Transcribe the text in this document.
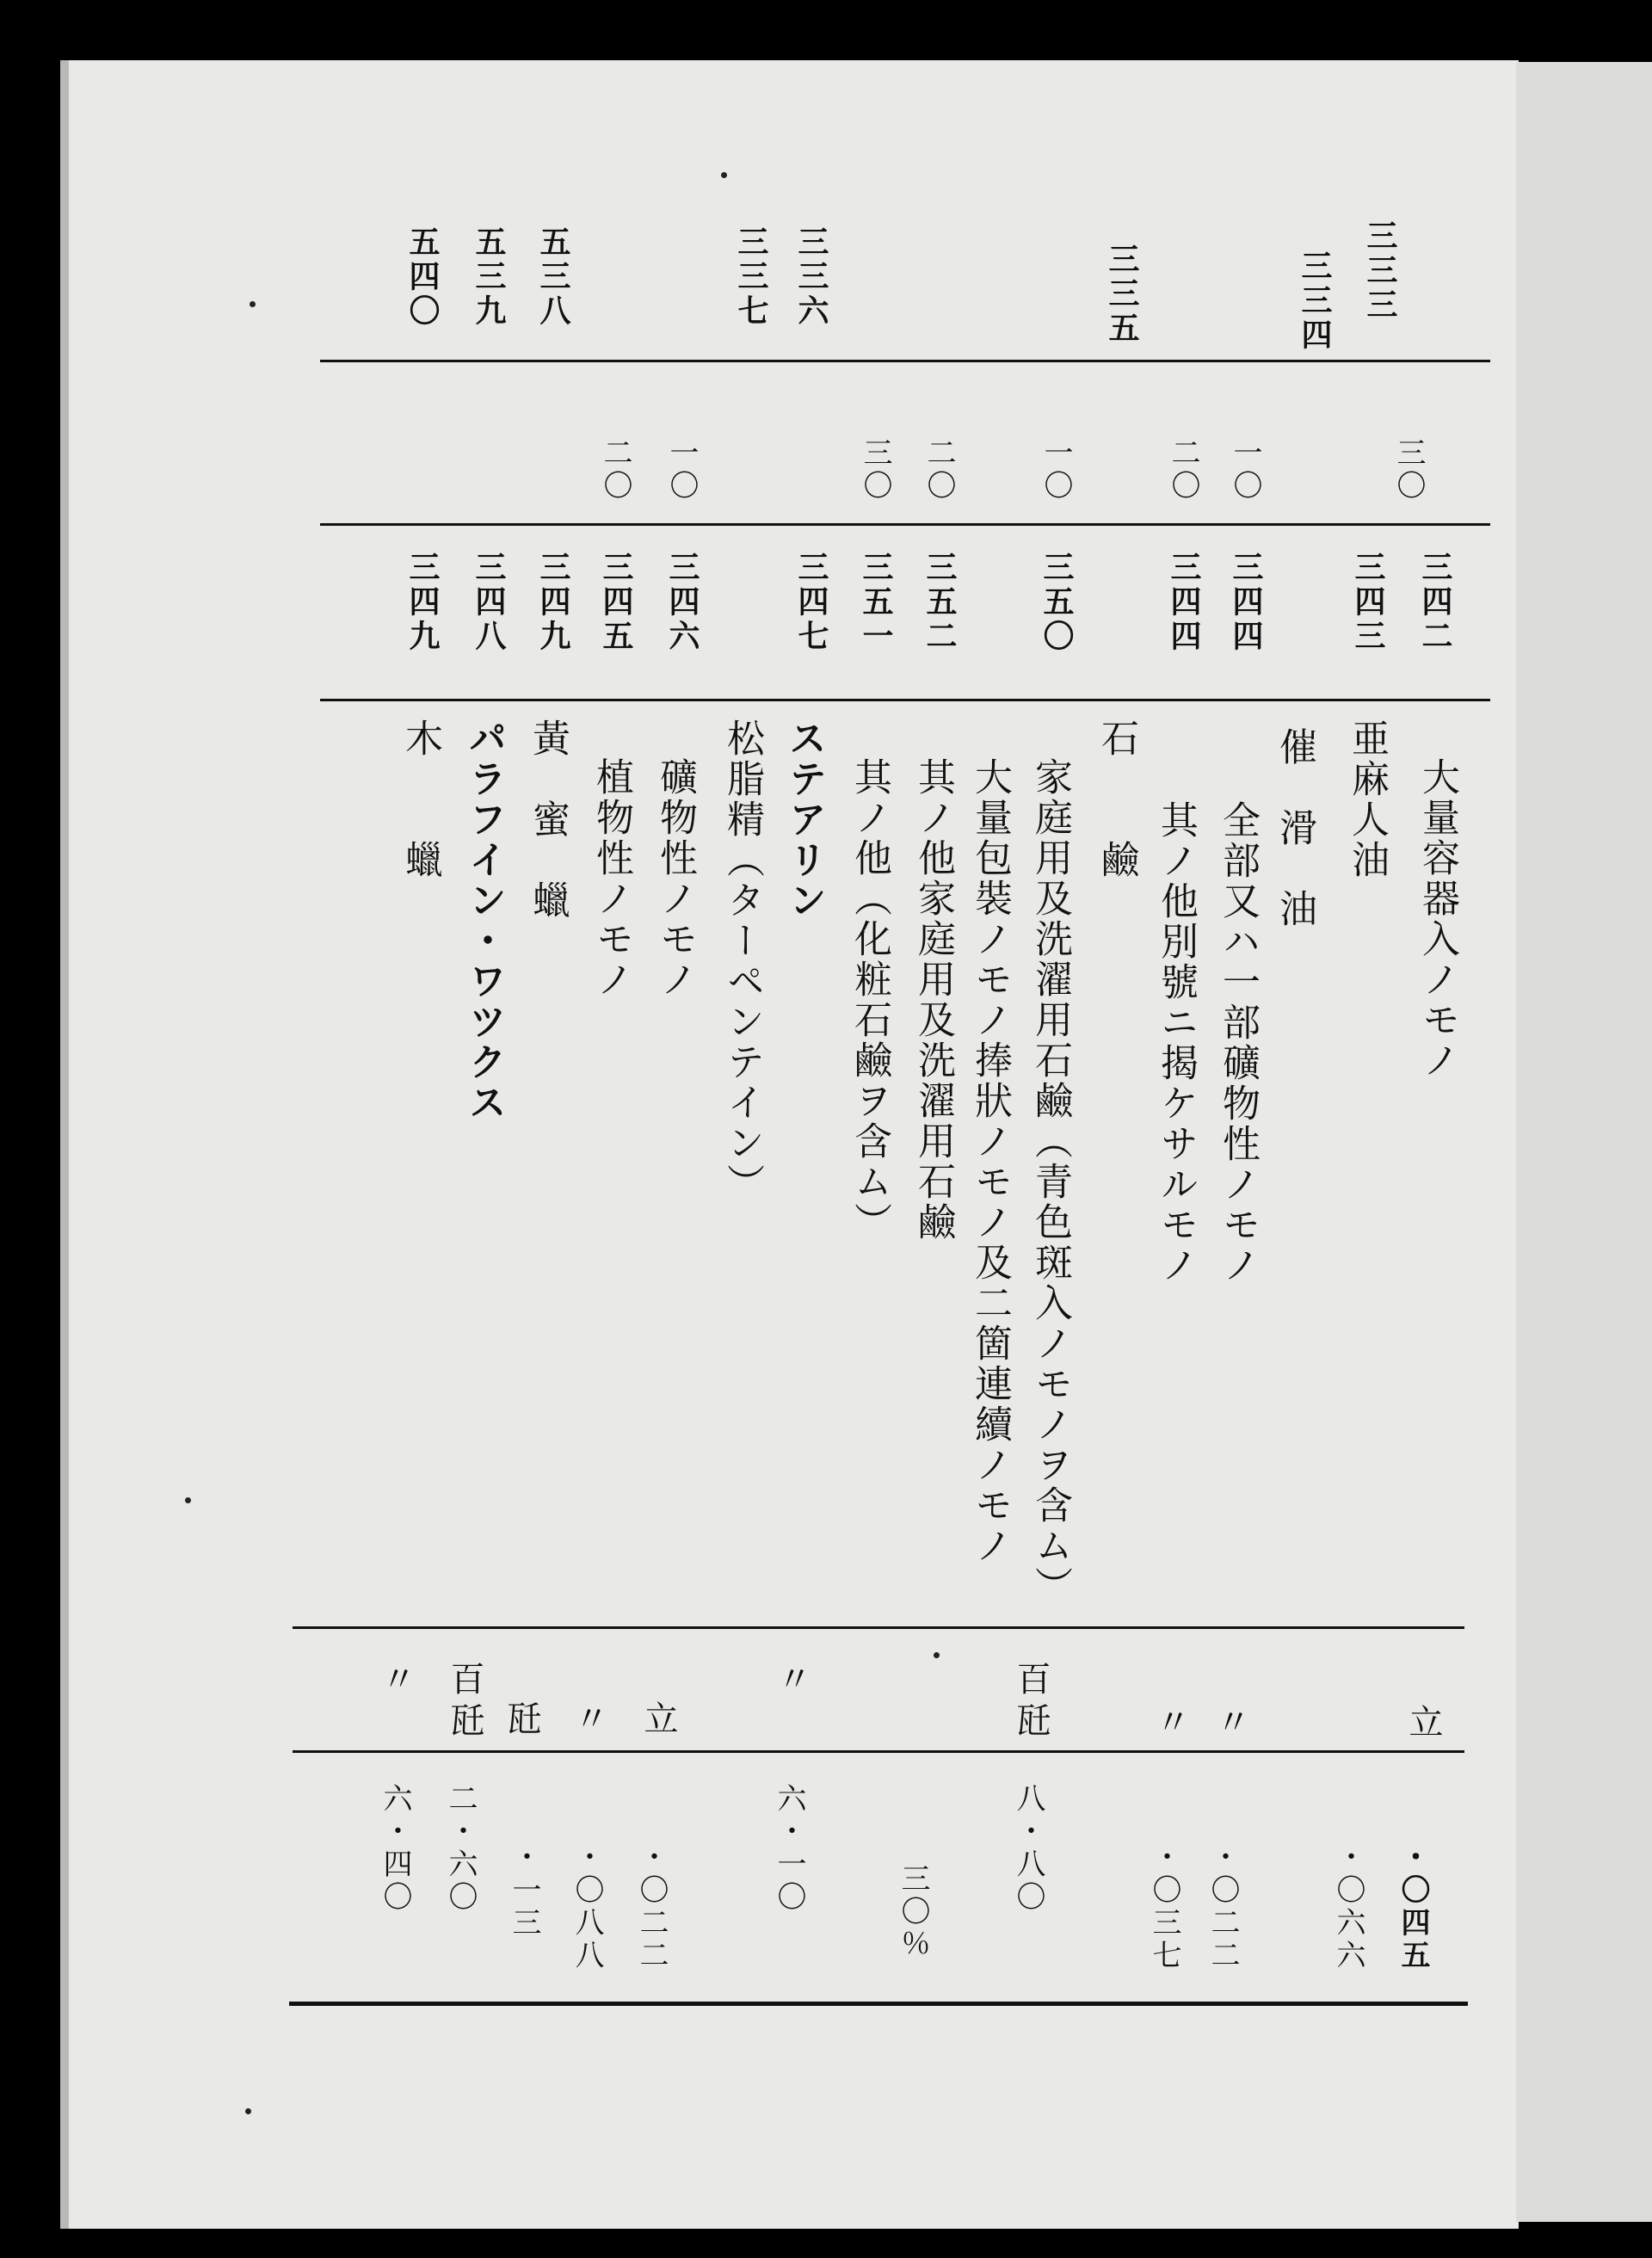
三三三
三三四
三三五
三三六
三三七
五三八
五三九
五四〇
三〇
一〇
二〇
一〇
二〇
三〇
一〇
二〇
三四二
三四三
三四四
三四四
三五〇
三五二
三五一
三四七
三四六
三四五
三四九
三四八
三四九
大量容器入ノモノ
亜麻人油
催　滑　油
全部又ハ一部礦物性ノモノ
其ノ他別號ニ揭ケサルモノ
石　　鹼
家庭用及洗濯用石鹼（青色斑入ノモノヲ含ム）
大量包裝ノモノ捧狀ノモノ及二箇連續ノモノ
其ノ他家庭用及洗濯用石鹼
其ノ他（化粧石鹼ヲ含ム）
ステアリン
松脂精（ターペンテイン）
礦物性ノモノ
植物性ノモノ
黃　蜜　蠟
パラフイン・ワツクス
木　　蠟
立
〃
〃
百瓩
〃
立
〃
瓩
百瓩
〃
・〇四五
・〇六六
・〇二二
・〇三七
八・八〇
三〇％
六・一〇
・〇二二
・〇八八
・一三
二・六〇
六・四〇
